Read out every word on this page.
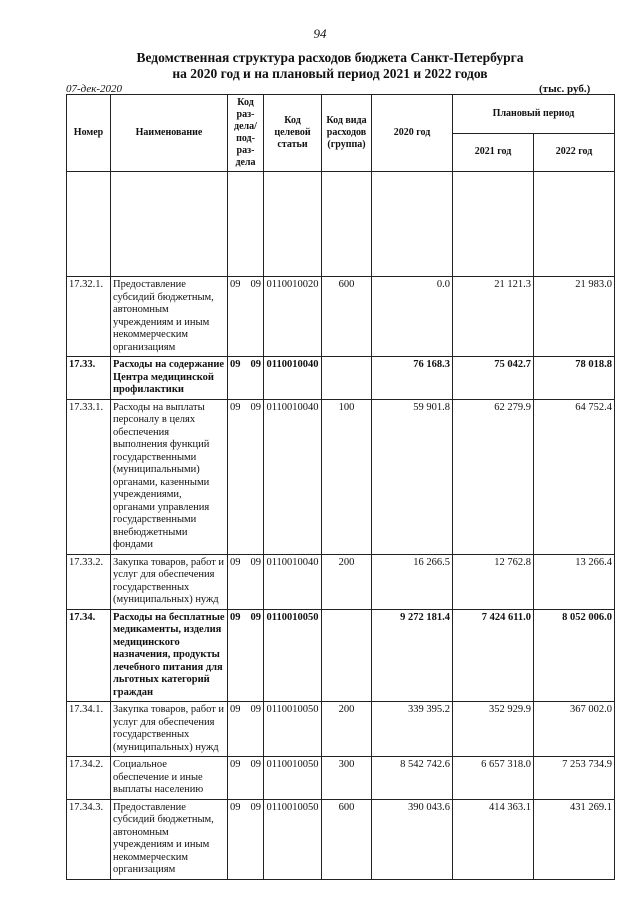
94
Ведомственная структура расходов бюджета Санкт-Петербурга
на 2020 год и на плановый период 2021 и 2022 годов
07-дек-2020	(тыс. руб.)
Номер	Наименование	Код раз-дела/ под-раз-дела	Код целевой статьи	Код вида расходов (группа)	2020 год	Плановый период	
						2021 год	2022 год

17.32.1.	Предоставление субсидий бюджетным, автономным учреждениям и иным некоммерческим организациям	09 09	0110010020	600	0.0	21 121.3	21 983.0
17.33.	Расходы на содержание Центра медицинской профилактики	09 09	0110010040		76 168.3	75 042.7	78 018.8
17.33.1.	Расходы на выплаты персоналу в целях обеспечения выполнения функций государственными (муниципальными) органами, казенными учреждениями, органами управления государственными внебюджетными фондами	09 09	0110010040	100	59 901.8	62 279.9	64 752.4
17.33.2.	Закупка товаров, работ и услуг для обеспечения государственных (муниципальных) нужд	09 09	0110010040	200	16 266.5	12 762.8	13 266.4
17.34.	Расходы на бесплатные медикаменты, изделия медицинского назначения, продукты лечебного питания для льготных категорий граждан	09 09	0110010050		9 272 181.4	7 424 611.0	8 052 006.0
17.34.1.	Закупка товаров, работ и услуг для обеспечения государственных (муниципальных) нужд	09 09	0110010050	200	339 395.2	352 929.9	367 002.0
17.34.2.	Социальное обеспечение и иные выплаты населению	09 09	0110010050	300	8 542 742.6	6 657 318.0	7 253 734.9
17.34.3.	Предоставление субсидий бюджетным, автономным учреждениям и иным некоммерческим организациям	09 09	0110010050	600	390 043.6	414 363.1	431 269.1
